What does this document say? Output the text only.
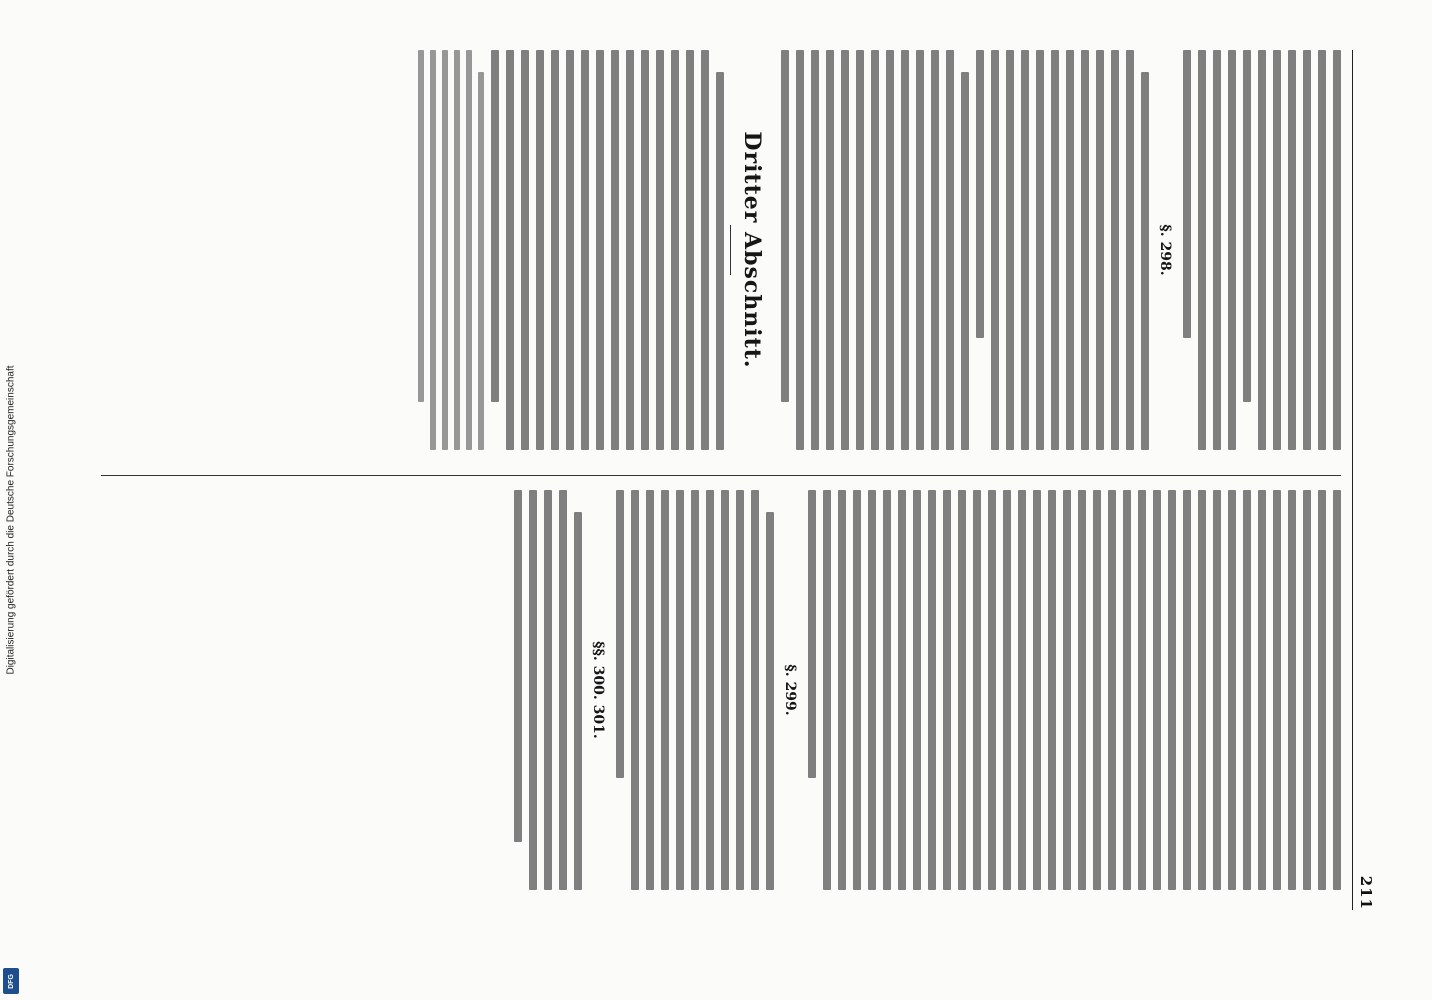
Digitalisierung gefördert durch die Deutsche Forschungsgemeinschaft
DFG
211
§. 298.
Dritter Abschnitt.
§. 299.
§§. 300. 301.
